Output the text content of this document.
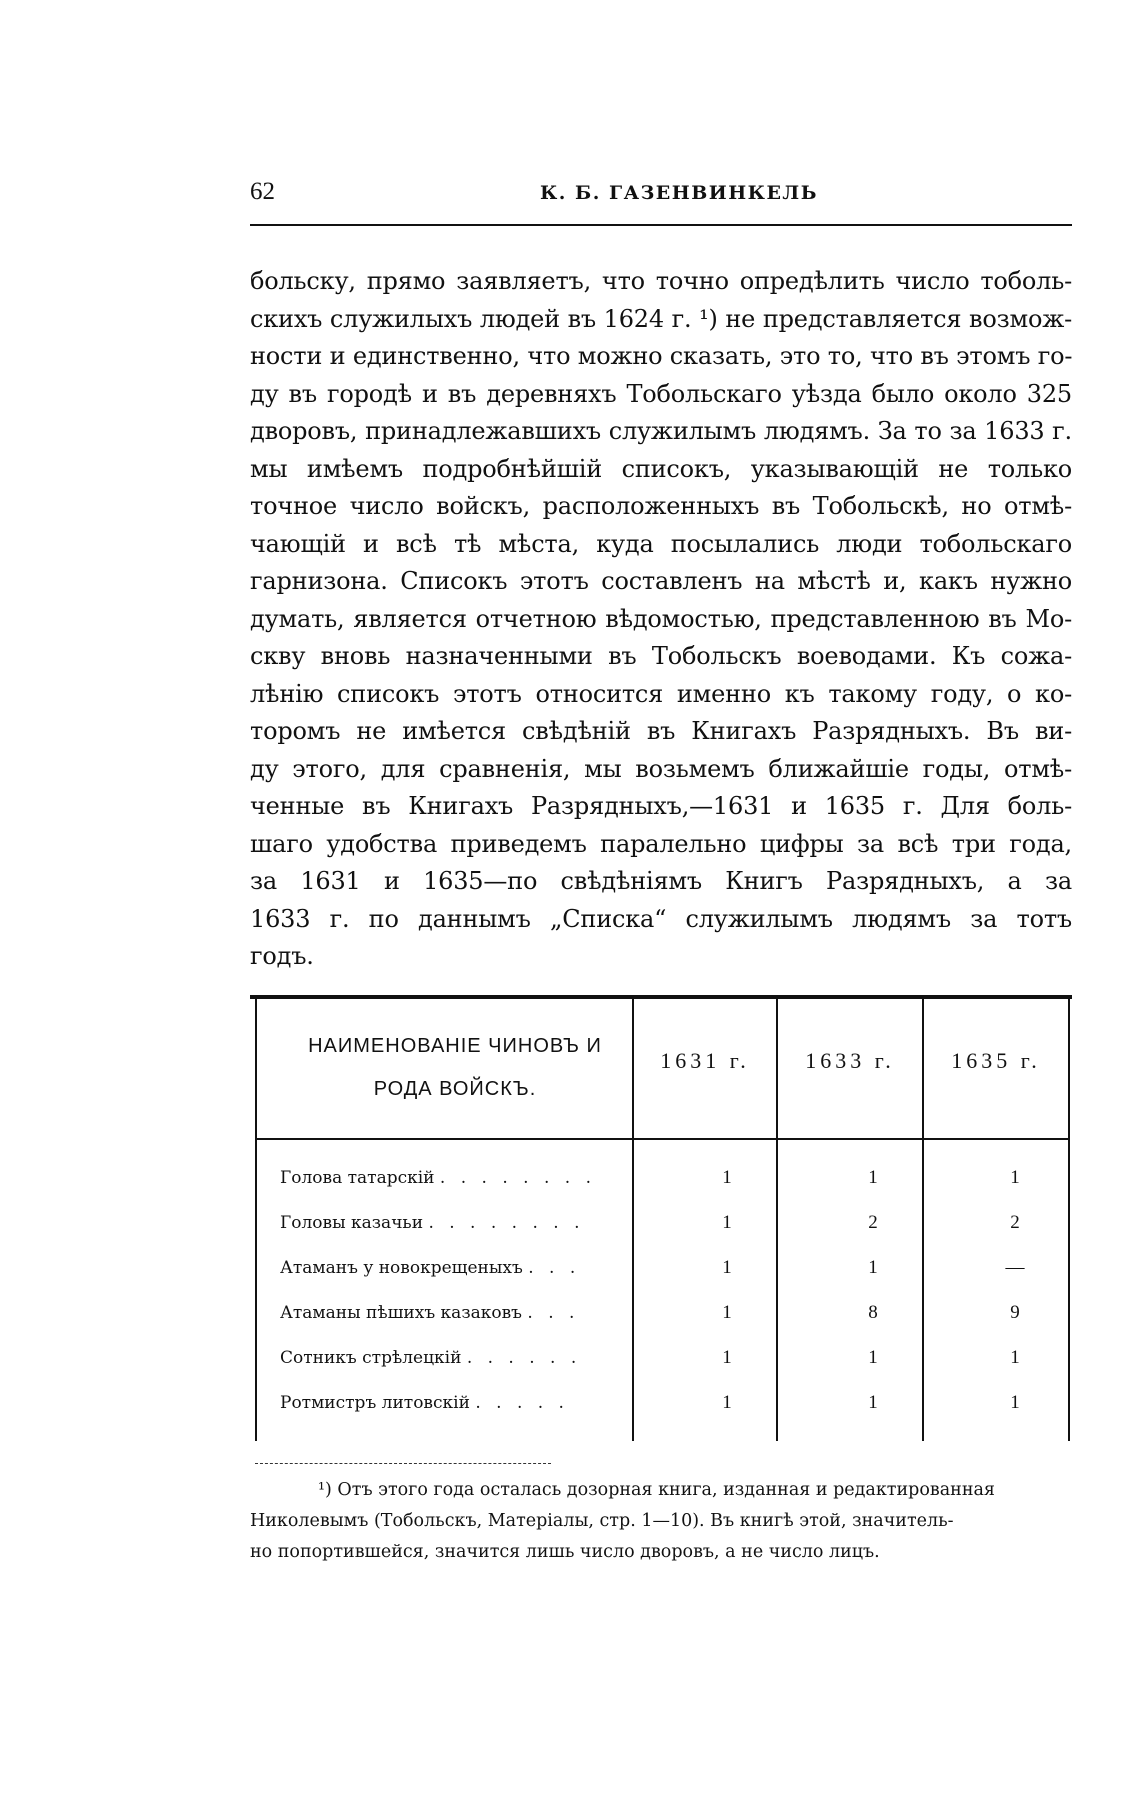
62	К. Б. ГАЗЕНВИНКЕЛЬ
больску, прямо заявляетъ, что точно опредѣлить число тоболь-
скихъ служилыхъ людей въ 1624 г. ¹) не представляется возмож-
ности и единственно, что можно сказать, это то, что въ этомъ го-
ду въ городѣ и въ деревняхъ Тобольскаго уѣзда было около 325
дворовъ, принадлежавшихъ служилымъ людямъ. За то за 1633 г.
мы имѣемъ подробнѣйшій списокъ, указывающій не только
точное число войскъ, расположенныхъ въ Тобольскѣ, но отмѣ-
чающій и всѣ тѣ мѣста, куда посылались люди тобольскаго
гарнизона. Списокъ этотъ составленъ на мѣстѣ и, какъ нужно
думать, является отчетною вѣдомостью, представленною въ Мо-
скву вновь назначенными въ Тобольскъ воеводами. Къ сожа-
лѣнію списокъ этотъ относится именно къ такому году, о ко-
торомъ не имѣется свѣдѣній въ Книгахъ Разрядныхъ. Въ ви-
ду этого, для сравненія, мы возьмемъ ближайшіе годы, отмѣ-
ченные въ Книгахъ Разрядныхъ,—1631 и 1635 г. Для боль-
шаго удобства приведемъ паралельно цифры за всѣ три года,
за 1631 и 1635—по свѣдѣніямъ Книгъ Разрядныхъ, а за
1633 г. по даннымъ „Списка“ служилымъ людямъ за тотъ
годъ.
НАИМЕНОВАНІЕ ЧИНОВЪ И
РОДА ВОЙСКЪ.
1631 г.	1633 г.	1635 г.
Голова татарскій . . . . . . . .	1	1	1
Головы казачьи . . . . . . . .	1	2	2
Атаманъ у новокрещеныхъ . . .	1	1	—
Атаманы пѣшихъ казаковъ . . .	1	8	9
Сотникъ стрѣлецкій . . . . . .	1	1	1
Ротмистръ литовскій . . . . .	1	1	1
¹) Отъ этого года осталась дозорная книга, изданная и редактированная
Николевымъ (Тобольскъ, Матеріалы, стр. 1—10). Въ книгѣ этой, значитель-
но попортившейся, значится лишь число дворовъ, а не число лицъ.
